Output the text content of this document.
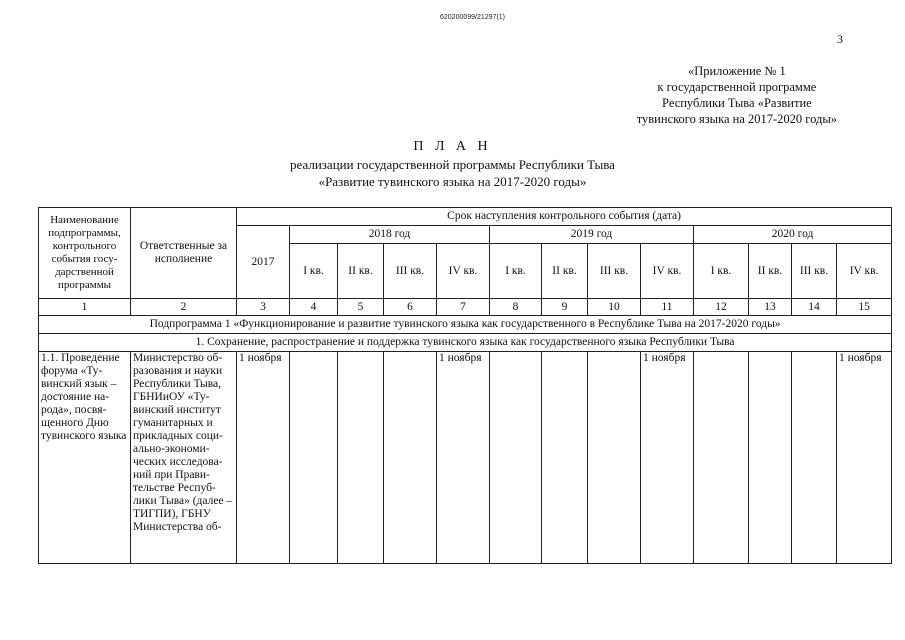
620200099/21297(1)
3
«Приложение № 1
к государственной программе
Республики Тыва «Развитие
тувинского языка на 2017-2020 годы»
П Л А Н
реализации государственной программы Республики Тыва
«Развитие тувинского языка на 2017-2020 годы»
Наименование подпрограммы, контрольного события госу-дарственной программы	Ответственные за исполнение	Срок наступления контрольного события (дата)												
		2017	2018 год				2019 год				2020 год			
			I кв.	II кв.	III кв.	IV кв.	I кв.	II кв.	III кв.	IV кв.	I кв.	II кв.	III кв.	IV кв.
1	2	3	4	5	6	7	8	9	10	11	12	13	14	15
Подпрограмма 1 «Функционирование и развитие тувинского языка как государственного в Республике Тыва на 2017-2020 годы»														
1. Сохранение, распространение и поддержка тувинского языка как государственного языка Республики Тыва														
1.1. Проведение форума «Ту-винский язык – достояние на-рода», посвя-щенного Дню тувинского языка	Министерство об-разования и науки Республики Тыва, ГБНИиОУ «Ту-винский институт гуманитарных и прикладных соци-ально-экономи-ческих исследова-ний при Прави-тельстве Респуб-лики Тыва» (далее – ТИГПИ), ГБНУ Министерства об-	1 ноября				1 ноября				1 ноября				1 ноября
